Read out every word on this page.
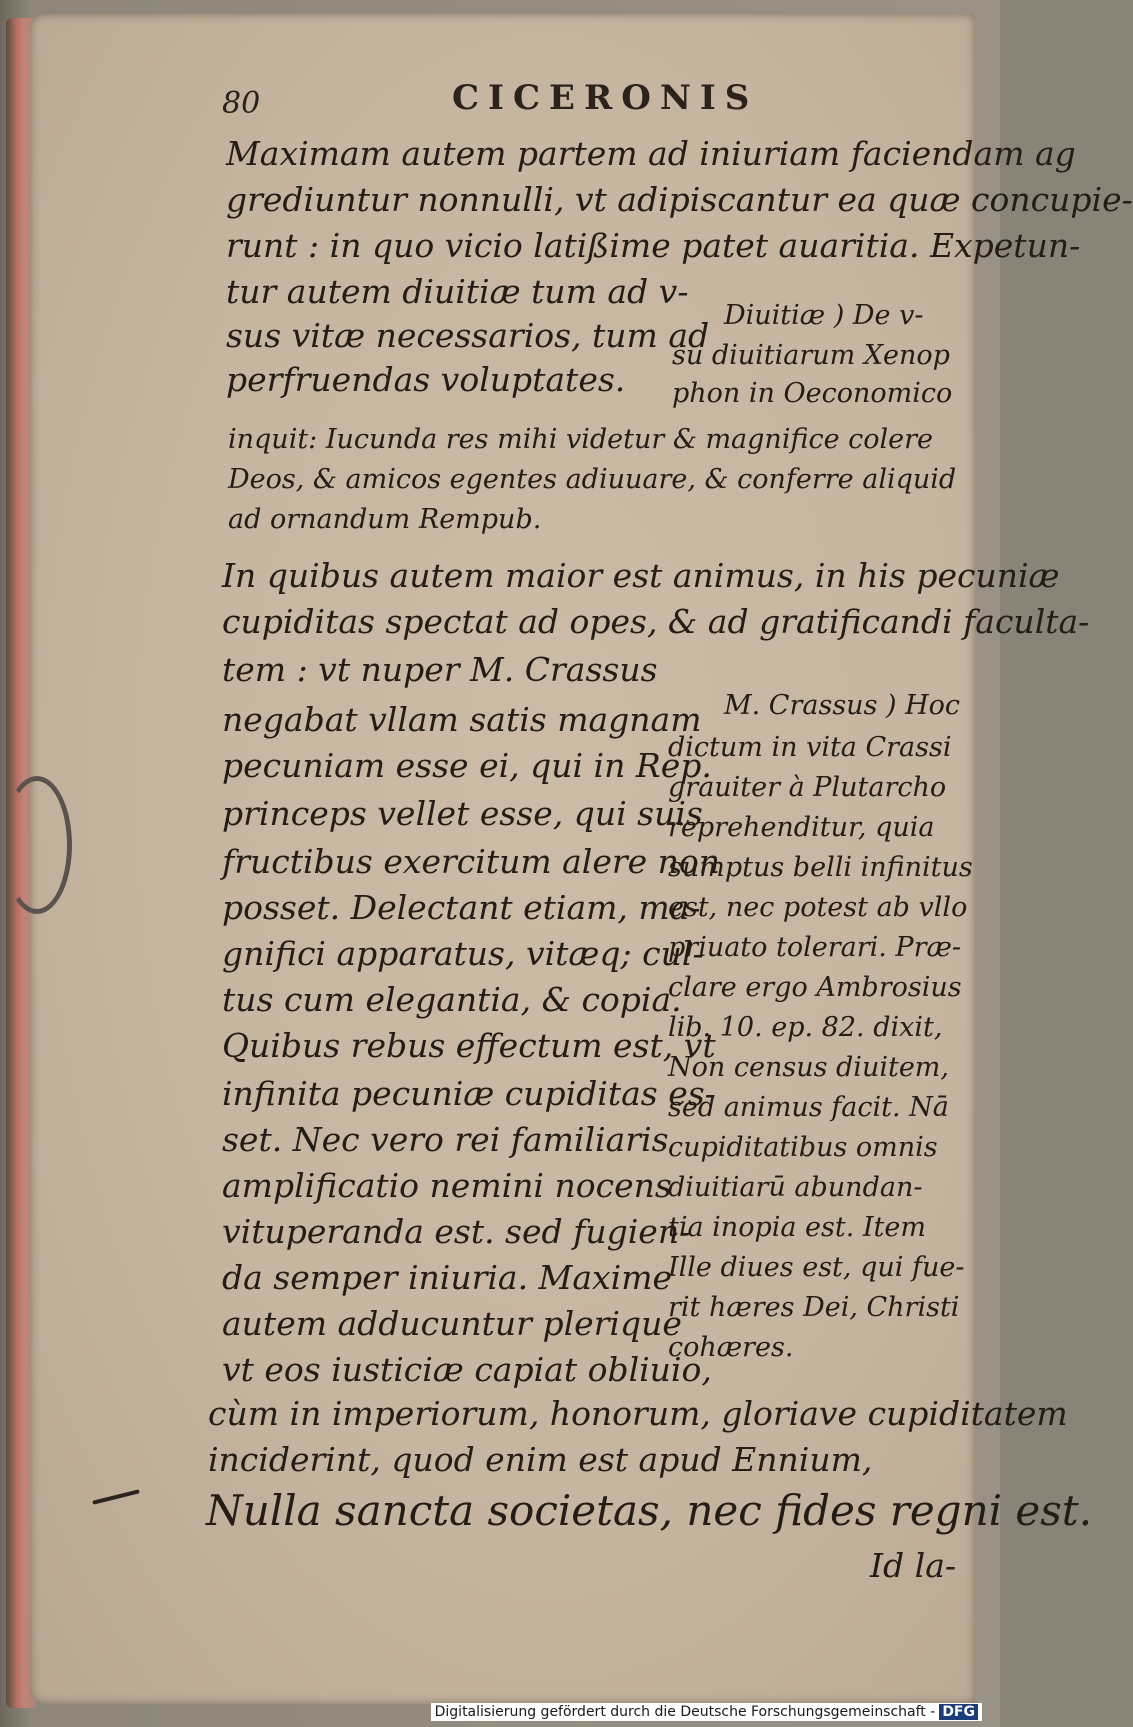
80	CICERONIS
Maximam autem partem ad iniuriam faciendam ag
grediuntur nonnulli, vt adipiscantur ea quæ concupie-
runt : in quo vicio latißime patet auaritia. Expetun-
tur autem diuitiæ tum ad v-
sus vitæ necessarios, tum ad
perfruendas voluptates.
Diuitiæ ) De v-
su diuitiarum Xenop
phon in Oeconomico
inquit: Iucunda res mihi videtur & magnifice colere
Deos, & amicos egentes adiuuare, & conferre aliquid
ad ornandum Rempub.
In quibus autem maior est animus, in his pecuniæ
cupiditas spectat ad opes, & ad gratificandi faculta-
tem : vt nuper M. Crassus
negabat vllam satis magnam
pecuniam esse ei, qui in Rep.
princeps vellet esse, qui suis
fructibus exercitum alere non
posset. Delectant etiam, ma-
gnifici apparatus, vitæq; cul-
tus cum elegantia, & copia.
Quibus rebus effectum est, vt
infinita pecuniæ cupiditas es-
set. Nec vero rei familiaris
amplificatio nemini nocens
vituperanda est. sed fugien-
da semper iniuria. Maxime
autem adducuntur plerique
vt eos iusticiæ capiat obliuio,
cùm in imperiorum, honorum, gloriave cupiditatem
inciderint, quod enim est apud Ennium,
M. Crassus ) Hoc
dictum in vita Crassi
grauiter à Plutarcho
reprehenditur, quia
sumptus belli infinitus
est, nec potest ab vllo
priuato tolerari. Præ-
clare ergo Ambrosius
lib. 10. ep. 82. dixit,
Non census diuitem,
sed animus facit. Nā
cupiditatibus omnis
diuitiarū abundan-
tia inopia est. Item
Ille diues est, qui fue-
rit hæres Dei, Christi
cohæres.
Nulla sancta societas, nec fides regni est.
Id la-
Digitalisierung gefördert durch die Deutsche Forschungsgemeinschaft - DFG
